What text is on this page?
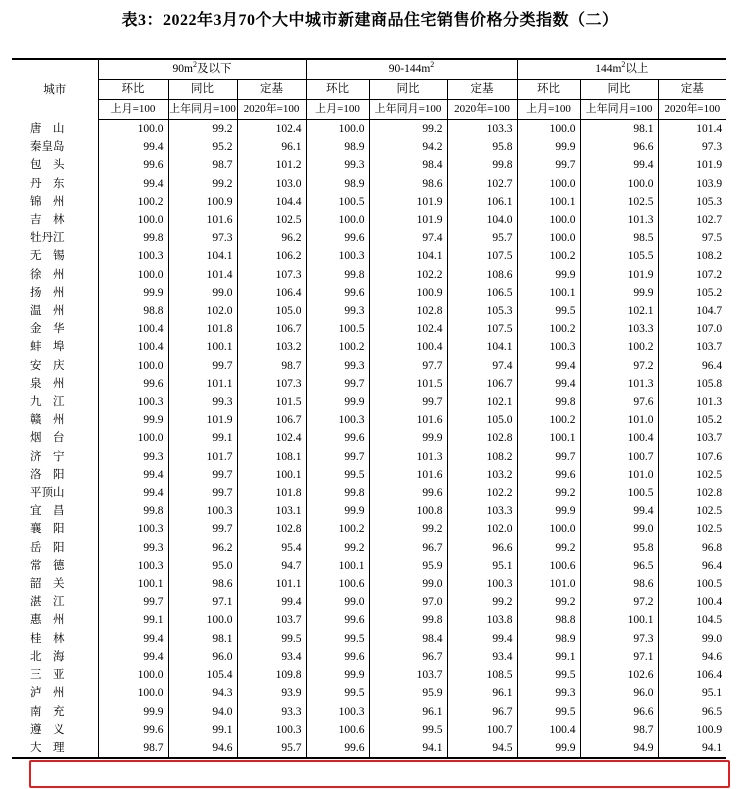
表3：2022年3月70个大中城市新建商品住宅销售价格分类指数（二）
城市	$90m^2$及以下			$90-144m^2$			$144m^2$以上		
	环比	同比	定基	环比	同比	定基	环比	同比	定基
	上月=100	上年同月=100	2020年=100	上月=100	上年同月=100	2020年=100	上月=100	上年同月=100	2020年=100
唐　山	100.0	99.2	102.4	100.0	99.2	103.3	100.0	98.1	101.4
秦皇岛	99.4	95.2	96.1	98.9	94.2	95.8	99.9	96.6	97.3
包　头	99.6	98.7	101.2	99.3	98.4	99.8	99.7	99.4	101.9
丹　东	99.4	99.2	103.0	98.9	98.6	102.7	100.0	100.0	103.9
锦　州	100.2	100.9	104.4	100.5	101.9	106.1	100.1	102.5	105.3
吉　林	100.0	101.6	102.5	100.0	101.9	104.0	100.0	101.3	102.7
牡丹江	99.8	97.3	96.2	99.6	97.4	95.7	100.0	98.5	97.5
无　锡	100.3	104.1	106.2	100.3	104.1	107.5	100.2	105.5	108.2
徐　州	100.0	101.4	107.3	99.8	102.2	108.6	99.9	101.9	107.2
扬　州	99.9	99.0	106.4	99.6	100.9	106.5	100.1	99.9	105.2
温　州	98.8	102.0	105.0	99.3	102.8	105.3	99.5	102.1	104.7
金　华	100.4	101.8	106.7	100.5	102.4	107.5	100.2	103.3	107.0
蚌　埠	100.4	100.1	103.2	100.2	100.4	104.1	100.3	100.2	103.7
安　庆	100.0	99.7	98.7	99.3	97.7	97.4	99.4	97.2	96.4
泉　州	99.6	101.1	107.3	99.7	101.5	106.7	99.4	101.3	105.8
九　江	100.3	99.3	101.5	99.9	99.7	102.1	99.8	97.6	101.3
赣　州	99.9	101.9	106.7	100.3	101.6	105.0	100.2	101.0	105.2
烟　台	100.0	99.1	102.4	99.6	99.9	102.8	100.1	100.4	103.7
济　宁	99.3	101.7	108.1	99.7	101.3	108.2	99.7	100.7	107.6
洛　阳	99.4	99.7	100.1	99.5	101.6	103.2	99.6	101.0	102.5
平顶山	99.4	99.7	101.8	99.8	99.6	102.2	99.2	100.5	102.8
宜　昌	99.8	100.3	103.1	99.9	100.8	103.3	99.9	99.4	102.5
襄　阳	100.3	99.7	102.8	100.2	99.2	102.0	100.0	99.0	102.5
岳　阳	99.3	96.2	95.4	99.2	96.7	96.6	99.2	95.8	96.8
常　德	100.3	95.0	94.7	100.1	95.9	95.1	100.6	96.5	96.4
韶　关	100.1	98.6	101.1	100.6	99.0	100.3	101.0	98.6	100.5
湛　江	99.7	97.1	99.4	99.0	97.0	99.2	99.2	97.2	100.4
惠　州	99.1	100.0	103.7	99.6	99.8	103.8	98.8	100.1	104.5
桂　林	99.4	98.1	99.5	99.5	98.4	99.4	98.9	97.3	99.0
北　海	99.4	96.0	93.4	99.6	96.7	93.4	99.1	97.1	94.6
三　亚	100.0	105.4	109.8	99.9	103.7	108.5	99.5	102.6	106.4
泸　州	100.0	94.3	93.9	99.5	95.9	96.1	99.3	96.0	95.1
南　充	99.9	94.0	93.3	100.3	96.1	96.7	99.5	96.6	96.5
遵　义	99.6	99.1	100.3	100.6	99.5	100.7	100.4	98.7	100.9
大　理	98.7	94.6	95.7	99.6	94.1	94.5	99.9	94.9	94.1
